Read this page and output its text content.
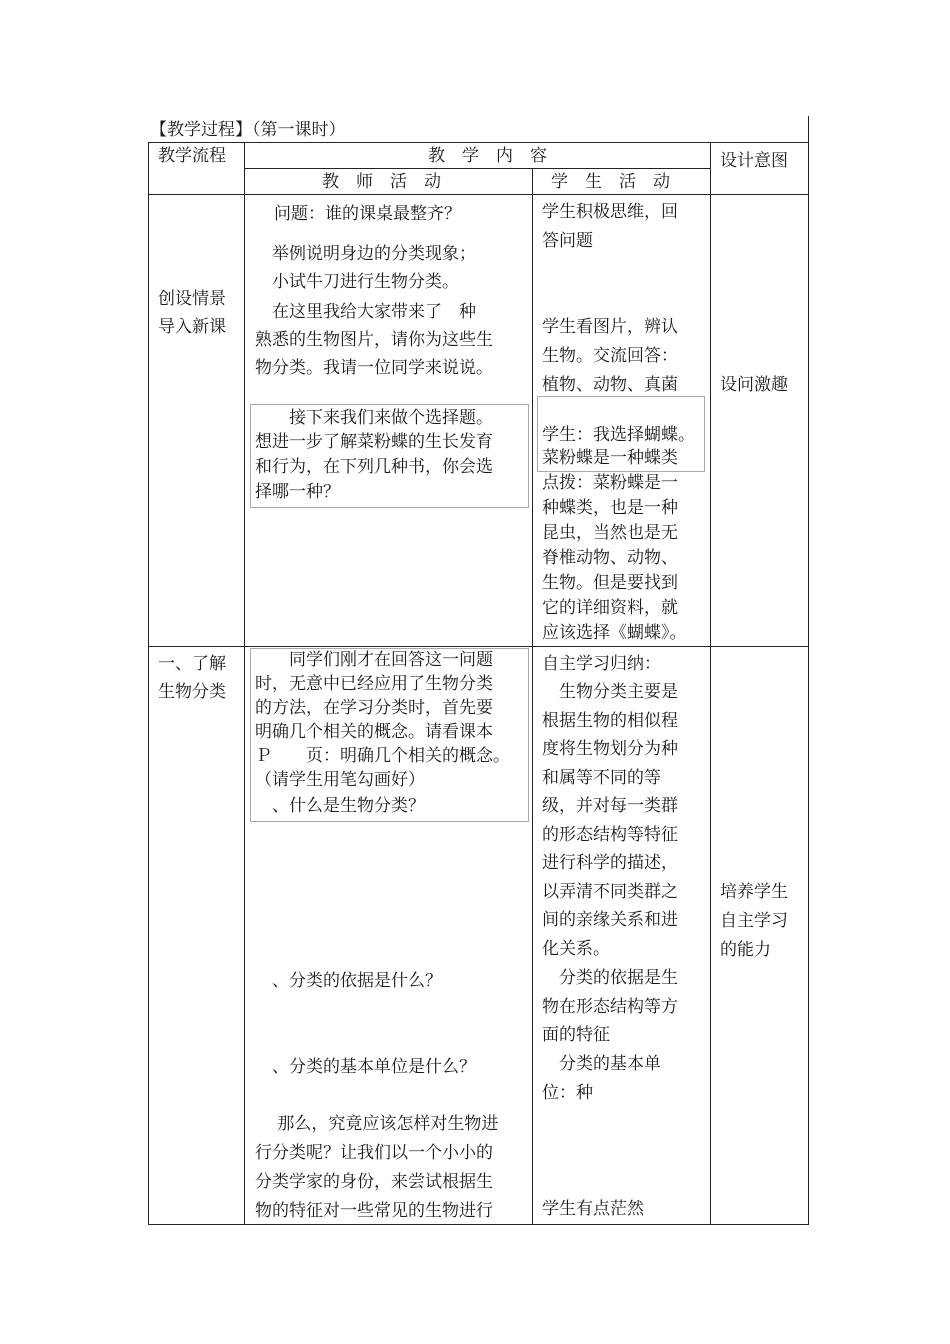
【教学过程】（第一课时）
教学流程	教　学　内　容
教　师　活　动	学　生　活　动
设计意图
创设情景
导入新课
问题：谁的课桌最整齐？
举例说明身边的分类现象；
小试牛刀进行生物分类。
　在这里我给大家带来了　种
熟悉的生物图片，请你为这些生
物分类。我请一位同学来说说。
　　接下来我们来做个选择题。
想进一步了解菜粉蝶的生长发育
和行为，在下列几种书，你会选
择哪一种？
学生积极思维，回
答问题
学生看图片，辨认
生物。交流回答：
植物、动物、真菌
学生：我选择蝴蝶。
菜粉蝶是一种蝶类
点拨：菜粉蝶是一
种蝶类，也是一种
昆虫，当然也是无
脊椎动物、动物、
生物。但是要找到
它的详细资料，就
应该选择《蝴蝶》。
设问激趣
一、了解
生物分类
　　同学们刚才在回答这一问题
时，无意中已经应用了生物分类
的方法，在学习分类时，首先要
明确几个相关的概念。请看课本
Ｐ　　页：明确几个相关的概念。
（请学生用笔勾画好）
　、什么是生物分类？
　、分类的依据是什么？
　、分类的基本单位是什么？
　 那么，究竟应该怎样对生物进
行分类呢？让我们以一个小小的
分类学家的身份，来尝试根据生
物的特征对一些常见的生物进行
自主学习归纳：
　生物分类主要是
根据生物的相似程
度将生物划分为种
和属等不同的等
级，并对每一类群
的形态结构等特征
进行科学的描述，
以弄清不同类群之
间的亲缘关系和进
化关系。
　分类的依据是生
物在形态结构等方
面的特征
　分类的基本单
位：种
学生有点茫然
培养学生
自主学习
的能力
